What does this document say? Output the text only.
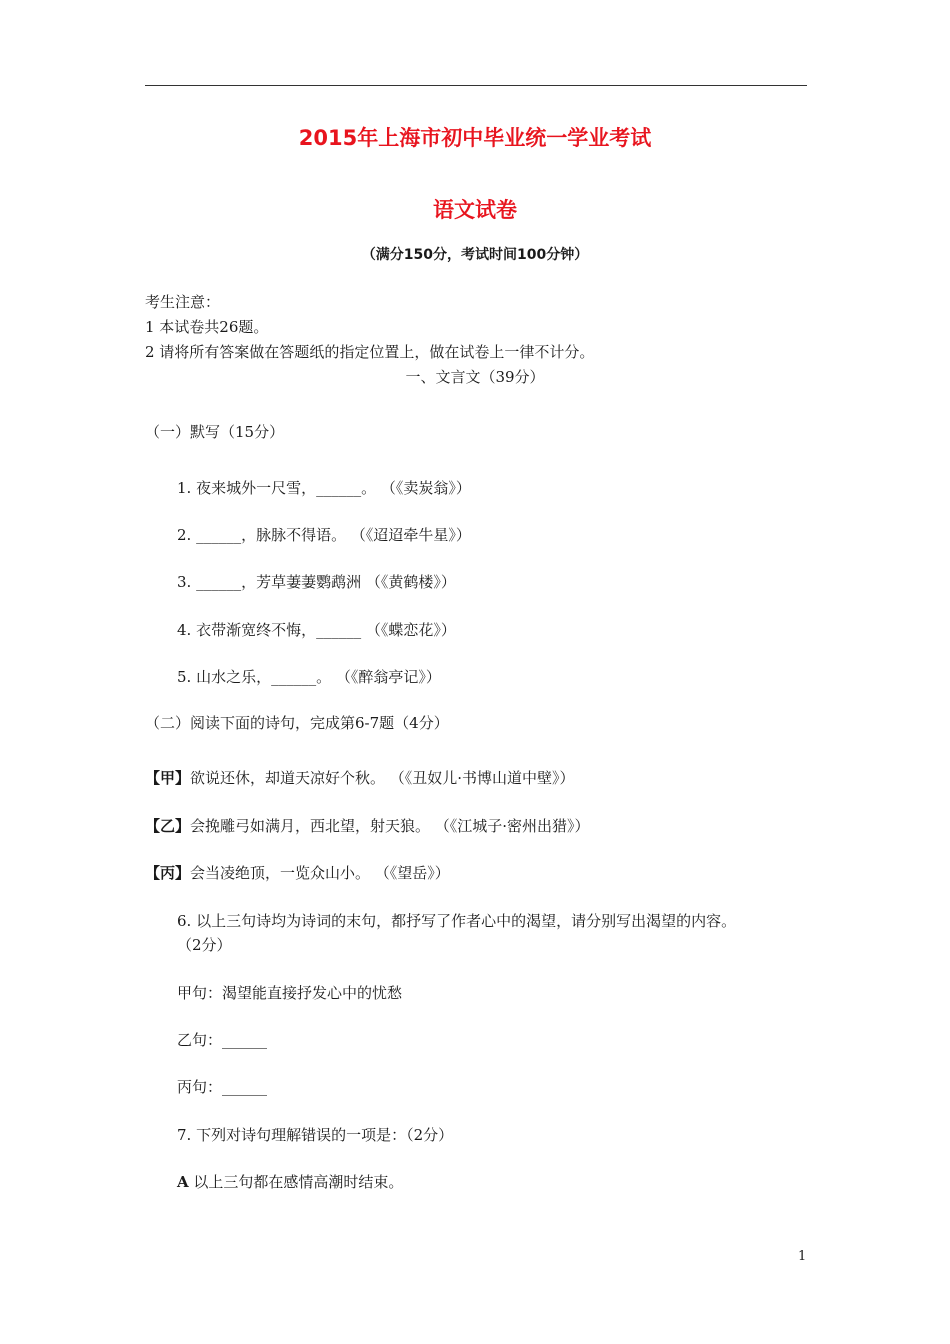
2015年上海市初中毕业统一学业考试
语文试卷
（满分150分，考试时间100分钟）
考生注意：
1 本试卷共26题。
2 请将所有答案做在答题纸的指定位置上，做在试卷上一律不计分。
一、文言文（39分）
（一）默写（15分）
1. 夜来城外一尺雪，______。 （《卖炭翁》）
2. ______，脉脉不得语。 （《迢迢牵牛星》）
3. ______，芳草萋萋鹦鹉洲 （《黄鹤楼》）
4. 衣带渐宽终不悔，______ （《蝶恋花》）
5. 山水之乐，______。 （《醉翁亭记》）
（二）阅读下面的诗句，完成第6-7题（4分）
【甲】欲说还休，却道天凉好个秋。 （《丑奴儿·书博山道中壁》）
【乙】会挽雕弓如满月，西北望，射天狼。 （《江城子·密州出猎》）
【丙】会当凌绝顶，一览众山小。 （《望岳》）
6. 以上三句诗均为诗词的末句，都抒写了作者心中的渴望，请分别写出渴望的内容。
（2分）
甲句：渴望能直接抒发心中的忧愁
乙句：______
丙句：______
7. 下列对诗句理解错误的一项是：（2分）
A 以上三句都在感情高潮时结束。
1
